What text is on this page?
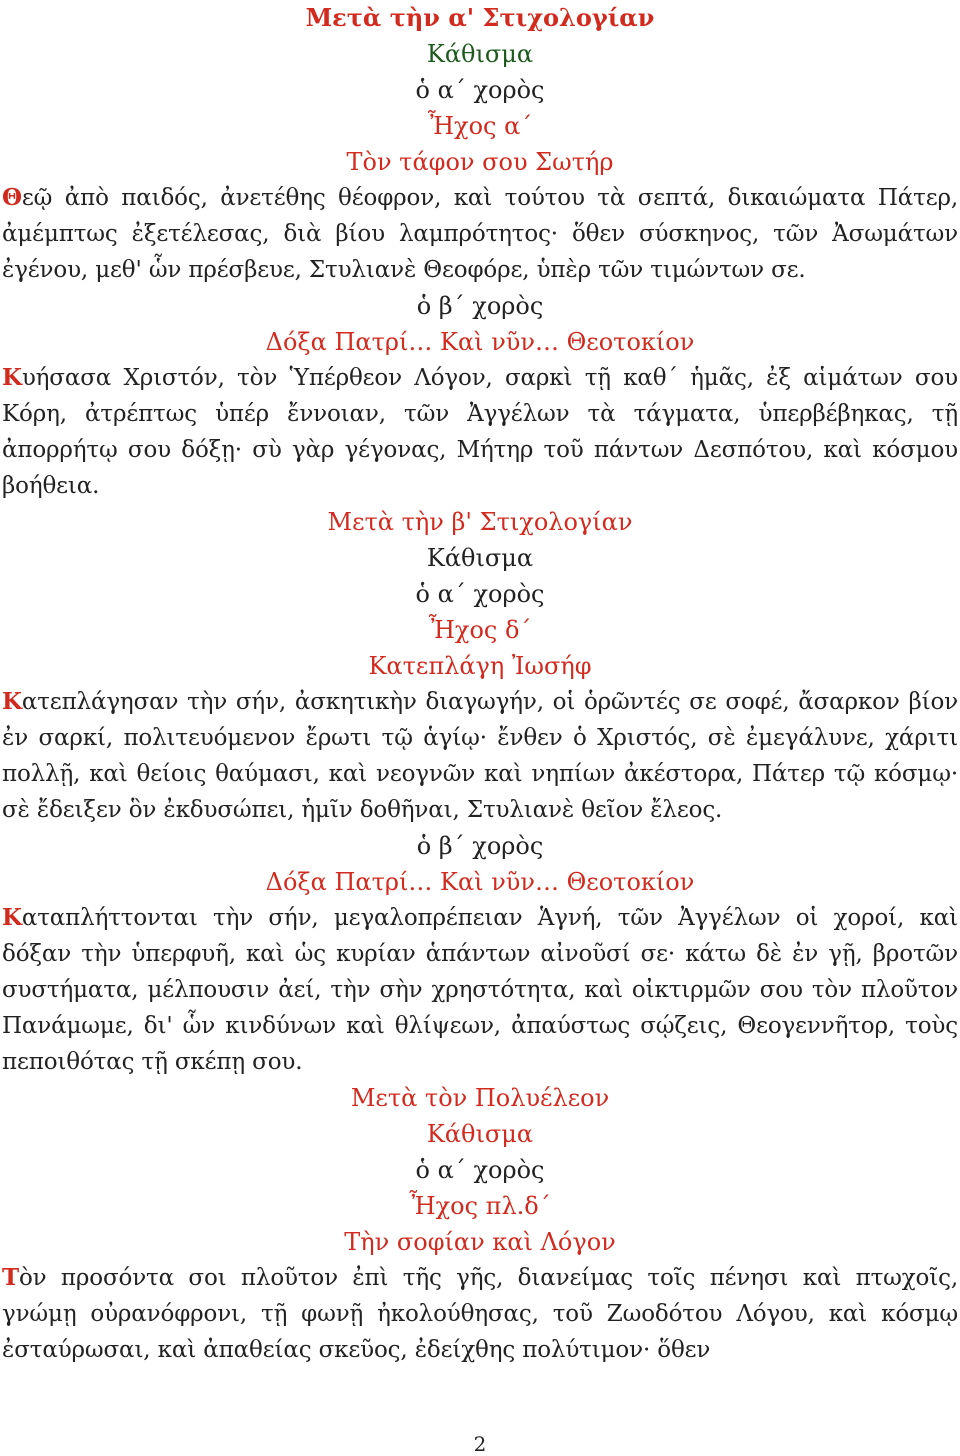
Μετὰ τὴν α' Στιχολογίαν

Κάθισμα

ὁ α΄ χορὸς

Ἦχος α΄

Τὸν τάφον σου Σωτήρ

Θεῷ ἀπὸ παιδός, ἀνετέθης θέοφρον, καὶ τούτου τὰ σεπτά, δικαιώματα Πάτερ, ἀμέμπτως ἐξετέλεσας, διὰ βίου λαμπρότητος· ὅθεν σύσκηνος, τῶν Ἀσωμάτων ἐγένου, μεθ' ὧν πρέσβευε, Στυλιανὲ Θεοφόρε, ὑπὲρ τῶν τιμώντων σε.

ὁ β΄ χορὸς

Δόξα Πατρί… Καὶ νῦν… Θεοτοκίον

Κυήσασα Χριστόν, τὸν Ὑπέρθεον Λόγον, σαρκὶ τῇ καθ΄ ἡμᾶς, ἐξ αἱμάτων σου Κόρη, ἀτρέπτως ὑπέρ ἔννοιαν, τῶν Ἀγγέλων τὰ τάγματα, ὑπερβέβηκας, τῇ ἀπορρήτῳ σου δόξῃ· σὺ γὰρ γέγονας, Μήτηρ τοῦ πάντων Δεσπότου, καὶ κόσμου βοήθεια.

Μετὰ τὴν β' Στιχολογίαν

Κάθισμα

ὁ α΄ χορὸς

Ἦχος δ΄

Κατεπλάγη Ἰωσήφ

Κατεπλάγησαν τὴν σήν, ἀσκητικὴν διαγωγήν, οἱ ὁρῶντές σε σοφέ, ἄσαρκον βίον ἐν σαρκί, πολιτευόμενον ἔρωτι τῷ ἁγίῳ· ἔνθεν ὁ Χριστός, σὲ ἐμεγάλυνε, χάριτι πολλῇ, καὶ θείοις θαύμασι, καὶ νεογνῶν καὶ νηπίων ἀκέστορα, Πάτερ τῷ κόσμῳ· σὲ ἔδειξεν ὃν ἐκδυσώπει, ἡμῖν δοθῆναι, Στυλιανὲ θεῖον ἔλεος.

ὁ β΄ χορὸς

Δόξα Πατρί… Καὶ νῦν… Θεοτοκίον

Καταπλήττονται τὴν σήν, μεγαλοπρέπειαν Ἁγνή, τῶν Ἀγγέλων οἱ χοροί, καὶ δόξαν τὴν ὑπερφυῆ, καὶ ὡς κυρίαν ἁπάντων αἰνοῦσί σε· κάτω δὲ ἐν γῇ, βροτῶν συστήματα, μέλπουσιν ἀεί, τὴν σὴν χρηστότητα, καὶ οἰκτιρμῶν σου τὸν πλοῦτον Πανάμωμε, δι' ὧν κινδύνων καὶ θλίψεων, ἀπαύστως σῴζεις, Θεογεννῆτορ, τοὺς πεποιθότας τῇ σκέπῃ σου.

Μετὰ τὸν Πολυέλεον

Κάθισμα

ὁ α΄ χορὸς

Ἦχος πλ.δ΄

Τὴν σοφίαν καὶ Λόγον

Τὸν προσόντα σοι πλοῦτον ἐπὶ τῆς γῆς, διανείμας τοῖς πένησι καὶ πτωχοῖς, γνώμῃ οὐρανόφρονι, τῇ φωνῇ ἠκολούθησας, τοῦ Ζωοδότου Λόγου, καὶ κόσμῳ ἐσταύρωσαι, καὶ ἀπαθείας σκεῦος, ἐδείχθης πολύτιμον· ὅθεν

2
